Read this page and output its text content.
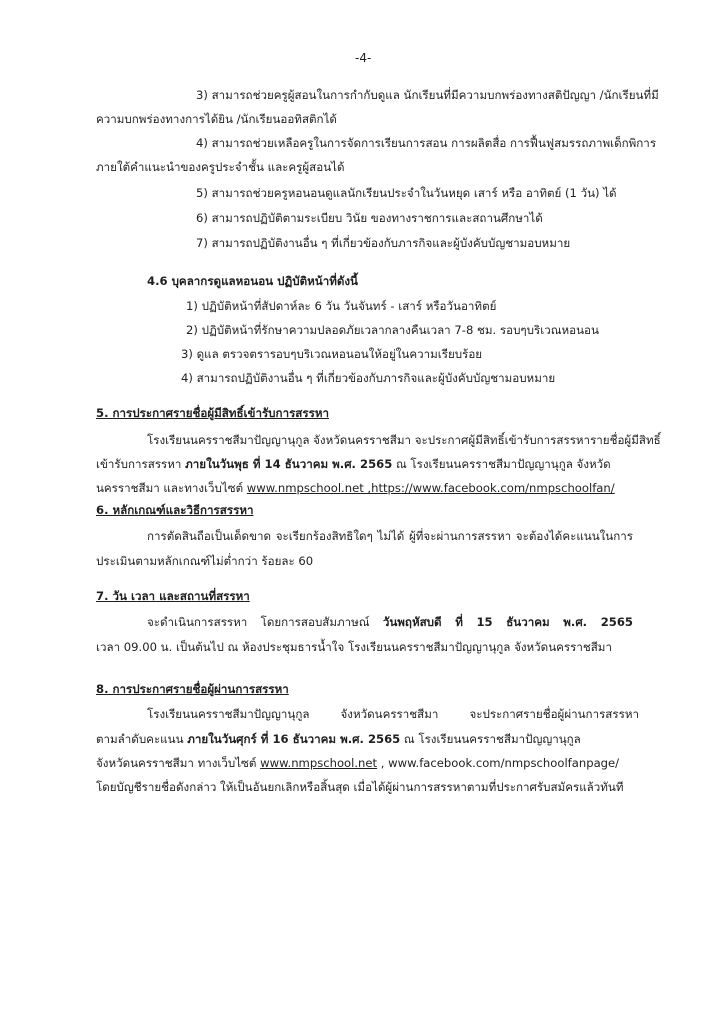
-4-
3) สามารถช่วยครูผู้สอนในการกำกับดูแล นักเรียนที่มีความบกพร่องทางสติปัญญา /นักเรียนที่มี
ความบกพร่องทางการได้ยิน /นักเรียนออทิสติกได้
4) สามารถช่วยเหลือครูในการจัดการเรียนการสอน การผลิตสื่อ การฟื้นฟูสมรรถภาพเด็กพิการ
ภายใต้คำแนะนำของครูประจำชั้น และครูผู้สอนได้
5) สามารถช่วยครูหอนอนดูแลนักเรียนประจำในวันหยุด เสาร์ หรือ อาทิตย์ (1 วัน) ได้
6) สามารถปฏิบัติตามระเบียบ วินัย ของทางราชการและสถานศึกษาได้
7) สามารถปฏิบัติงานอื่น ๆ ที่เกี่ยวข้องกับภารกิจและผู้บังคับบัญชามอบหมาย
4.6 บุคลากรดูแลหอนอน ปฏิบัติหน้าที่ดังนี้
1) ปฏิบัติหน้าที่สัปดาห์ละ 6 วัน วันจันทร์ - เสาร์ หรือวันอาทิตย์
2) ปฏิบัติหน้าที่รักษาความปลอดภัยเวลากลางคืนเวลา 7-8 ชม. รอบๆบริเวณหอนอน
3) ดูแล ตรวจตรารอบๆบริเวณหอนอนให้อยู่ในความเรียบร้อย
4) สามารถปฏิบัติงานอื่น ๆ ที่เกี่ยวข้องกับภารกิจและผู้บังคับบัญชามอบหมาย
5. การประกาศรายชื่อผู้มีสิทธิ์เข้ารับการสรรหา
โรงเรียนนครราชสีมาปัญญานุกูล จังหวัดนครราชสีมา จะประกาศผู้มีสิทธิ์เข้ารับการสรรหารายชื่อผู้มีสิทธิ์
เข้ารับการสรรหา ภายในวันพุธ ที่ 14 ธันวาคม พ.ศ. 2565 ณ โรงเรียนนครราชสีมาปัญญานุกูล จังหวัด
นครราชสีมา และทางเว็บไซต์ www.nmpschool.net ,https://www.facebook.com/nmpschoolfan/
6. หลักเกณฑ์และวิธีการสรรหา
การตัดสินถือเป็นเด็ดขาด จะเรียกร้องสิทธิใดๆ ไม่ได้ ผู้ที่จะผ่านการสรรหา จะต้องได้คะแนนในการ
ประเมินตามหลักเกณฑ์ไม่ต่ำกว่า ร้อยละ 60
7. วัน เวลา และสถานที่สรรหา
จะดำเนินการสรรหา โดยการสอบสัมภาษณ์ วันพฤหัสบดี ที่ 15 ธันวาคม พ.ศ. 2565
เวลา 09.00 น. เป็นต้นไป ณ ห้องประชุมธารน้ำใจ โรงเรียนนครราชสีมาปัญญานุกูล จังหวัดนครราชสีมา
8. การประกาศรายชื่อผู้ผ่านการสรรหา
โรงเรียนนครราชสีมาปัญญานุกูล จังหวัดนครราชสีมา จะประกาศรายชื่อผู้ผ่านการสรรหา
ตามลำดับคะแนน ภายในวันศุกร์ ที่ 16 ธันวาคม พ.ศ. 2565 ณ โรงเรียนนครราชสีมาปัญญานุกูล
จังหวัดนครราชสีมา ทางเว็บไซต์ www.nmpschool.net , www.facebook.com/nmpschoolfanpage/
โดยบัญชีรายชื่อดังกล่าว ให้เป็นอันยกเลิกหรือสิ้นสุด เมื่อได้ผู้ผ่านการสรรหาตามที่ประกาศรับสมัครแล้วทันที
